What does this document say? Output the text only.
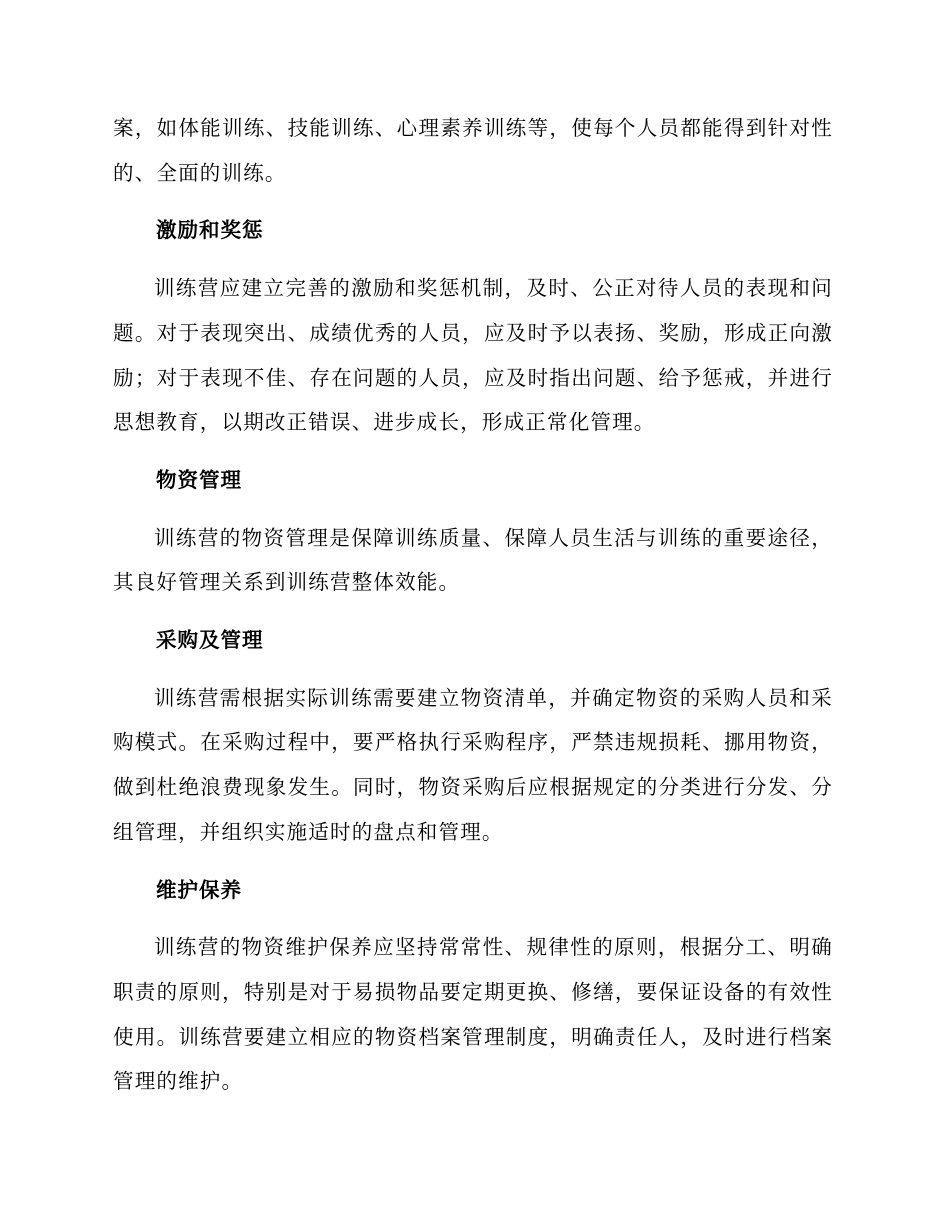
案，如体能训练、技能训练、心理素养训练等，使每个人员都能得到针对性的、全面的训练。

激励和奖惩

训练营应建立完善的激励和奖惩机制，及时、公正对待人员的表现和问题。对于表现突出、成绩优秀的人员，应及时予以表扬、奖励，形成正向激励；对于表现不佳、存在问题的人员，应及时指出问题、给予惩戒，并进行思想教育，以期改正错误、进步成长，形成正常化管理。

物资管理

训练营的物资管理是保障训练质量、保障人员生活与训练的重要途径，其良好管理关系到训练营整体效能。

采购及管理

训练营需根据实际训练需要建立物资清单，并确定物资的采购人员和采购模式。在采购过程中，要严格执行采购程序，严禁违规损耗、挪用物资，做到杜绝浪费现象发生。同时，物资采购后应根据规定的分类进行分发、分组管理，并组织实施适时的盘点和管理。

维护保养

训练营的物资维护保养应坚持常常性、规律性的原则，根据分工、明确职责的原则，特别是对于易损物品要定期更换、修缮，要保证设备的有效性使用。训练营要建立相应的物资档案管理制度，明确责任人，及时进行档案管理的维护。
